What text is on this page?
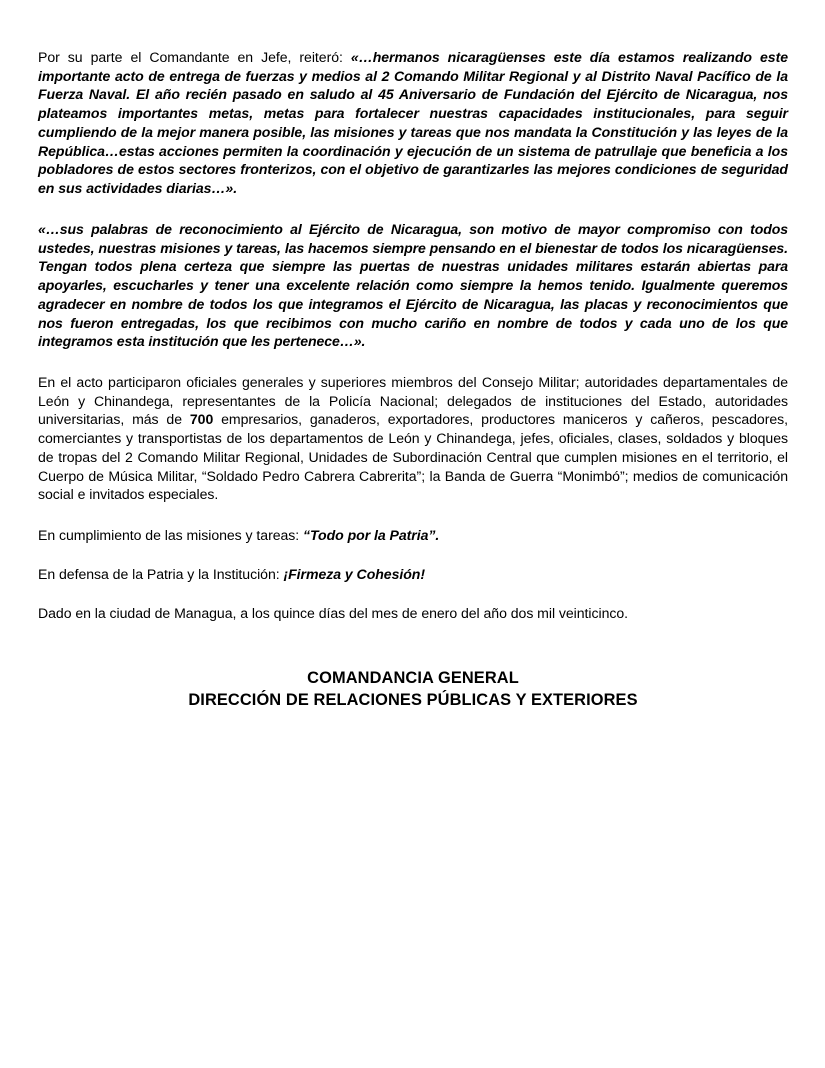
Por su parte el Comandante en Jefe, reiteró: «…hermanos nicaragüenses este día estamos realizando este importante acto de entrega de fuerzas y medios al 2 Comando Militar Regional y al Distrito Naval Pacífico de la Fuerza Naval. El año recién pasado en saludo al 45 Aniversario de Fundación del Ejército de Nicaragua, nos plateamos importantes metas, metas para fortalecer nuestras capacidades institucionales, para seguir cumpliendo de la mejor manera posible, las misiones y tareas que nos mandata la Constitución y las leyes de la República…estas acciones permiten la coordinación y ejecución de un sistema de patrullaje que beneficia a los pobladores de estos sectores fronterizos, con el objetivo de garantizarles las mejores condiciones de seguridad en sus actividades diarias…».

«…sus palabras de reconocimiento al Ejército de Nicaragua, son motivo de mayor compromiso con todos ustedes, nuestras misiones y tareas, las hacemos siempre pensando en el bienestar de todos los nicaragüenses. Tengan todos plena certeza que siempre las puertas de nuestras unidades militares estarán abiertas para apoyarles, escucharles y tener una excelente relación como siempre la hemos tenido. Igualmente queremos agradecer en nombre de todos los que integramos el Ejército de Nicaragua, las placas y reconocimientos que nos fueron entregadas, los que recibimos con mucho cariño en nombre de todos y cada uno de los que integramos esta institución que les pertenece…».

En el acto participaron oficiales generales y superiores miembros del Consejo Militar; autoridades departamentales de León y Chinandega, representantes de la Policía Nacional; delegados de instituciones del Estado, autoridades universitarias, más de 700 empresarios, ganaderos, exportadores, productores maniceros y cañeros, pescadores, comerciantes y transportistas de los departamentos de León y Chinandega, jefes, oficiales, clases, soldados y bloques de tropas del 2 Comando Militar Regional, Unidades de Subordinación Central que cumplen misiones en el territorio, el Cuerpo de Música Militar, “Soldado Pedro Cabrera Cabrerita”; la Banda de Guerra “Monimbó”; medios de comunicación social e invitados especiales.

En cumplimiento de las misiones y tareas: “Todo por la Patria”.

En defensa de la Patria y la Institución: ¡Firmeza y Cohesión!

Dado en la ciudad de Managua, a los quince días del mes de enero del año dos mil veinticinco.

COMANDANCIA GENERAL
DIRECCIÓN DE RELACIONES PÚBLICAS Y EXTERIORES
